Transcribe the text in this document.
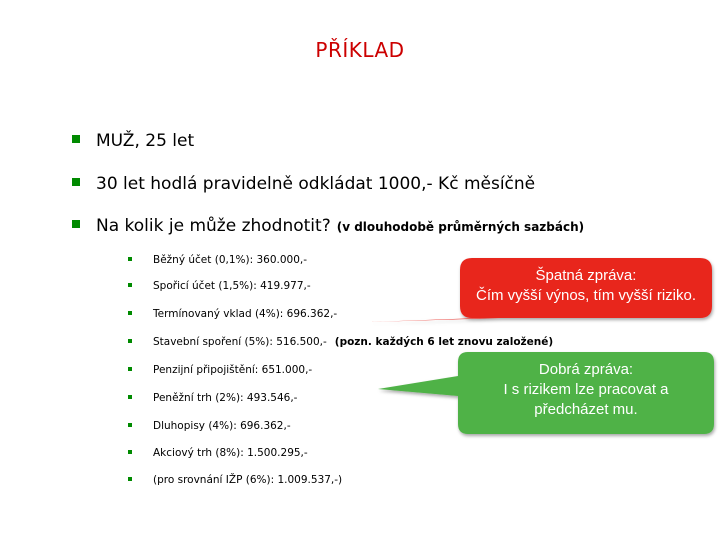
PŘÍKLAD
MUŽ, 25 let
30 let hodlá pravidelně odkládat 1000,- Kč měsíčně
Na kolik je může zhodnotit? (v dlouhodobě průměrných sazbách)
Běžný účet (0,1%): 360.000,-
Spořicí účet (1,5%): 419.977,-
Termínovaný vklad (4%): 696.362,-
Stavební spoření (5%): 516.500,- (pozn. každých 6 let znovu založené)
Penzijní připojištění: 651.000,-
Peněžní trh (2%): 493.546,-
Dluhopisy (4%): 696.362,-
Akciový trh (8%): 1.500.295,-
(pro srovnání IŽP (6%): 1.009.537,-)
Špatná zpráva:
Čím vyšší výnos, tím vyšší riziko.
Dobrá zpráva:
I s rizikem lze pracovat a
předcházet mu.
